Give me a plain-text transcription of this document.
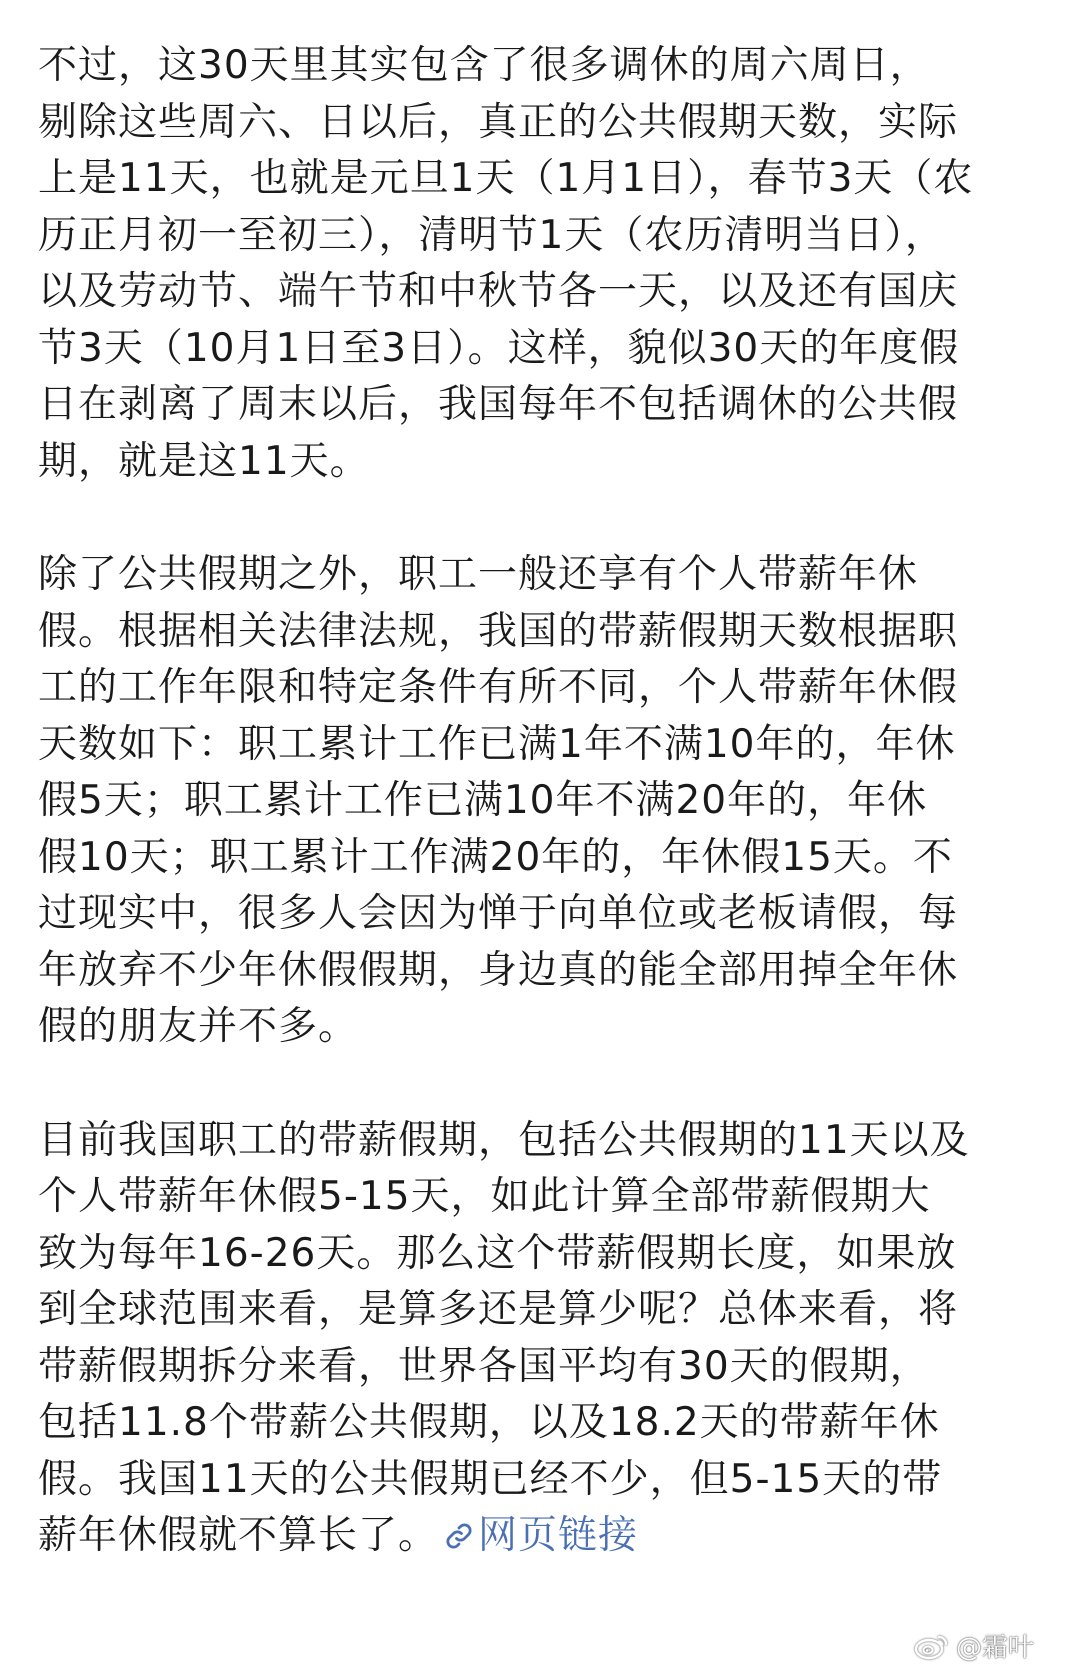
不过，这30天里其实包含了很多调休的周六周日，
剔除这些周六、日以后，真正的公共假期天数，实际
上是11天，也就是元旦1天（1月1日），春节3天（农
历正月初一至初三），清明节1天（农历清明当日），
以及劳动节、端午节和中秋节各一天，以及还有国庆
节3天（10月1日至3日）。这样，貌似30天的年度假
日在剥离了周末以后，我国每年不包括调休的公共假
期，就是这11天。

除了公共假期之外，职工一般还享有个人带薪年休
假。根据相关法律法规，我国的带薪假期天数根据职
工的工作年限和特定条件有所不同，个人带薪年休假
天数如下：职工累计工作已满1年不满10年的，年休
假5天；职工累计工作已满10年不满20年的，年休
假10天；职工累计工作满20年的，年休假15天。不
过现实中，很多人会因为惮于向单位或老板请假，每
年放弃不少年休假假期，身边真的能全部用掉全年休
假的朋友并不多。

目前我国职工的带薪假期，包括公共假期的11天以及
个人带薪年休假5-15天，如此计算全部带薪假期大
致为每年16-26天。那么这个带薪假期长度，如果放
到全球范围来看，是算多还是算少呢？总体来看，将
带薪假期拆分来看，世界各国平均有30天的假期，
包括11.8个带薪公共假期，以及18.2天的带薪年休
假。我国11天的公共假期已经不少，但5-15天的带
薪年休假就不算长了。 网页链接

@霜叶
